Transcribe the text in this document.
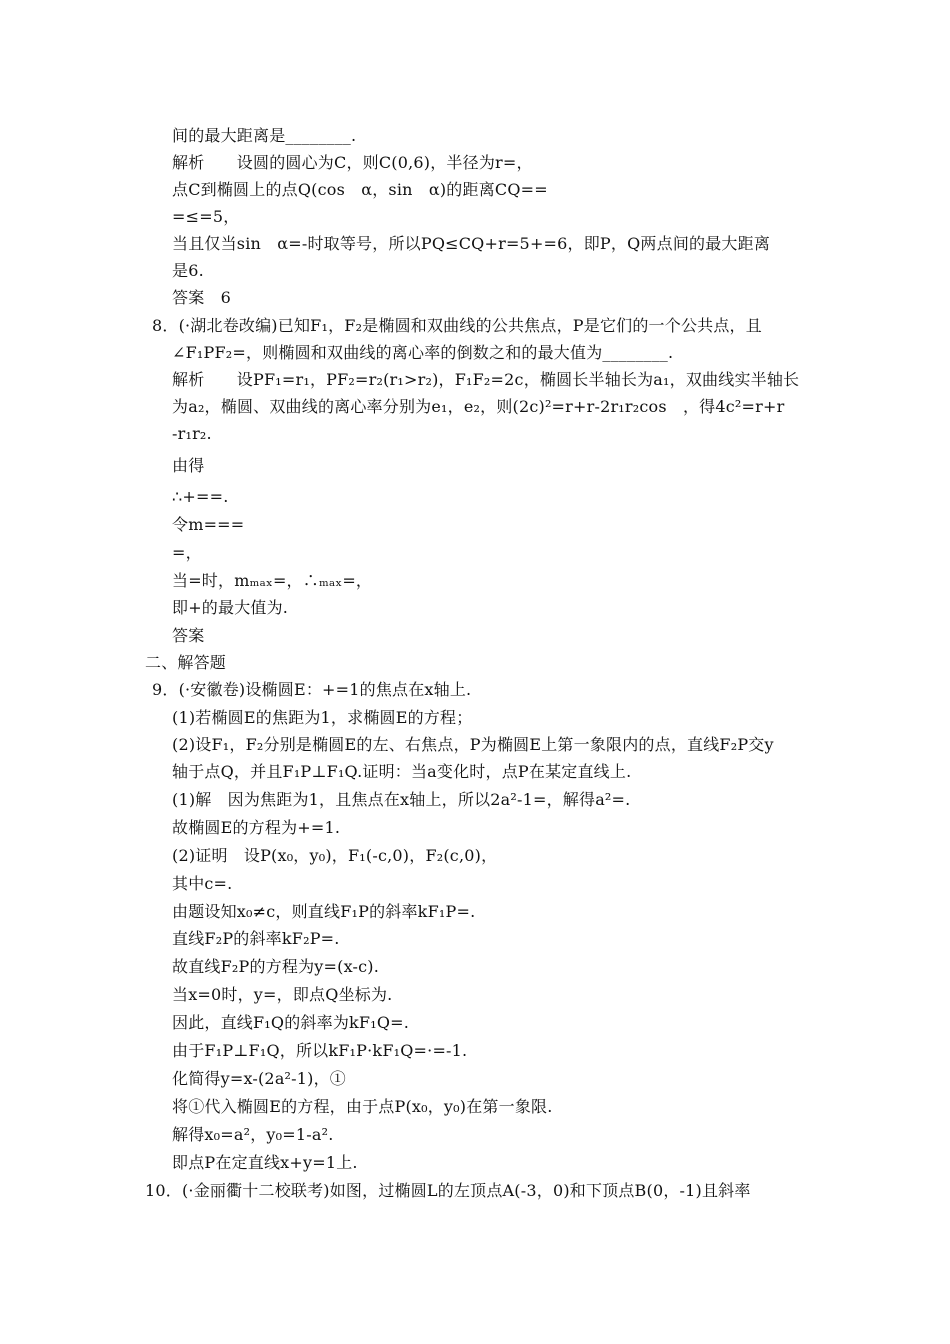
间的最大距离是________.
解析　　设圆的圆心为C，则C(0,6)，半径为r=，
点C到椭圆上的点Q(cos　α，sin　α)的距离CQ==
=≤=5，
当且仅当sin　α=-时取等号，所以PQ≤CQ+r=5+=6，即P，Q两点间的最大距离
是6.
答案　6
8．(·湖北卷改编)已知F₁，F₂是椭圆和双曲线的公共焦点，P是它们的一个公共点，且
∠F₁PF₂=，则椭圆和双曲线的离心率的倒数之和的最大值为________.
解析　　设PF₁=r₁，PF₂=r₂(r₁>r₂)，F₁F₂=2c，椭圆长半轴长为a₁，双曲线实半轴长
为a₂，椭圆、双曲线的离心率分别为e₁，e₂，则(2c)²=r+r-2r₁r₂cos　，得4c²=r+r
-r₁r₂.
由得
∴+==.
令m===
=，
当=时，mₘₐₓ=，∴ₘₐₓ=，
即+的最大值为.
答案
二、解答题
9．(·安徽卷)设椭圆E：+=1的焦点在x轴上.
(1)若椭圆E的焦距为1，求椭圆E的方程；
(2)设F₁，F₂分别是椭圆E的左、右焦点，P为椭圆E上第一象限内的点，直线F₂P交y
轴于点Q，并且F₁P⊥F₁Q.证明：当a变化时，点P在某定直线上.
(1)解　因为焦距为1，且焦点在x轴上，所以2a²-1=，解得a²=.
故椭圆E的方程为+=1.
(2)证明　设P(x₀，y₀)，F₁(-c,0)，F₂(c,0)，
其中c=.
由题设知x₀≠c，则直线F₁P的斜率kF₁P=.
直线F₂P的斜率kF₂P=.
故直线F₂P的方程为y=(x-c).
当x=0时，y=，即点Q坐标为.
因此，直线F₁Q的斜率为kF₁Q=.
由于F₁P⊥F₁Q，所以kF₁P·kF₁Q=·=-1.
化简得y=x-(2a²-1)，①
将①代入椭圆E的方程，由于点P(x₀，y₀)在第一象限.
解得x₀=a²，y₀=1-a².
即点P在定直线x+y=1上.
10．(·金丽衢十二校联考)如图，过椭圆L的左顶点A(-3，0)和下顶点B(0，-1)且斜率
